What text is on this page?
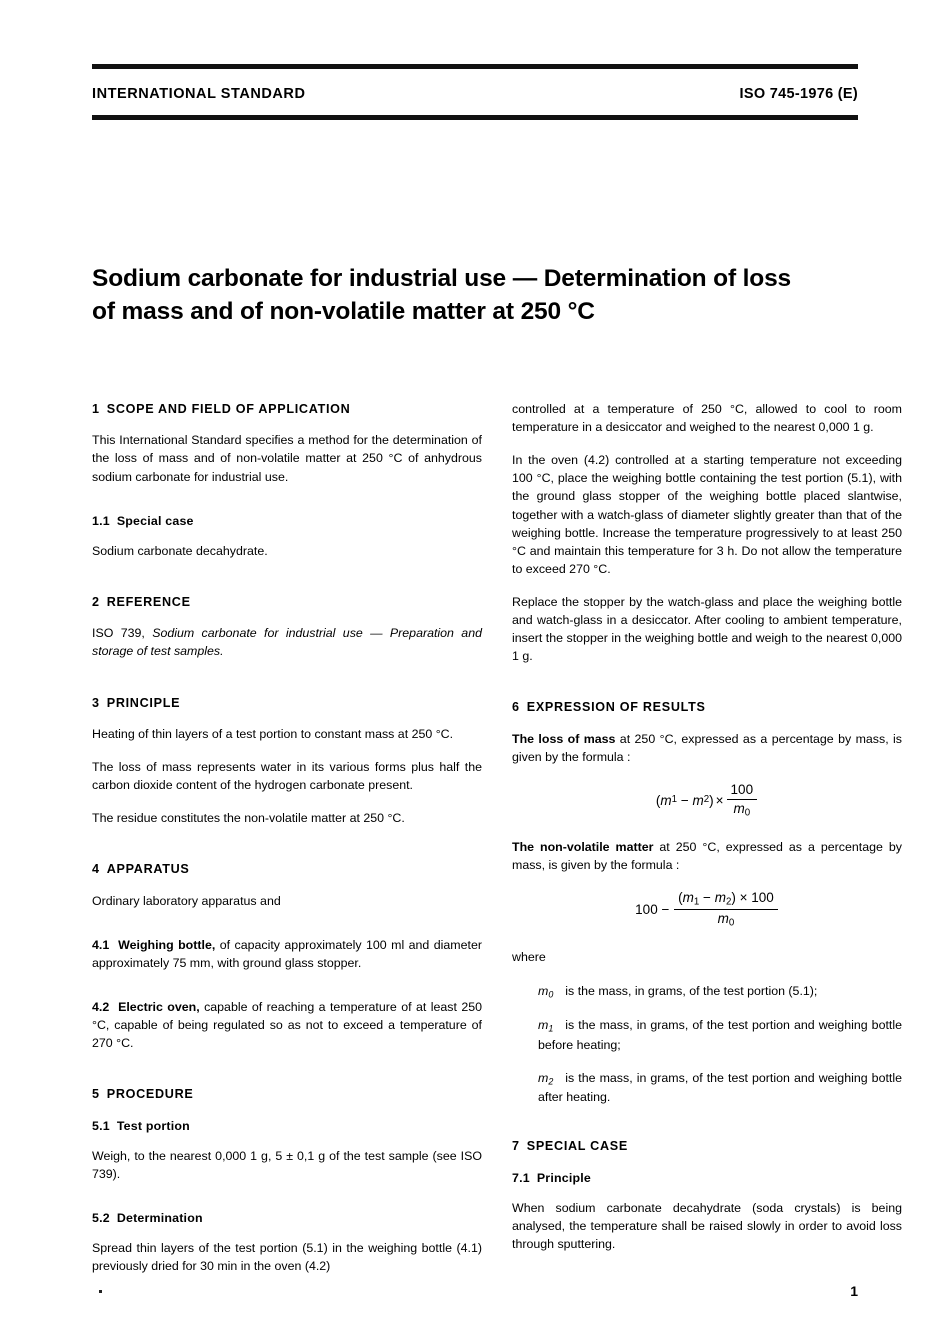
INTERNATIONAL STANDARD	ISO 745-1976 (E)
Sodium carbonate for industrial use — Determination of loss
of mass and of non-volatile matter at 250 °C
1 SCOPE AND FIELD OF APPLICATION

This International Standard specifies a method for the determination of the loss of mass and of non-volatile matter at 250 °C of anhydrous sodium carbonate for industrial use.

1.1 Special case

Sodium carbonate decahydrate.

2 REFERENCE

ISO 739, Sodium carbonate for industrial use — Preparation and storage of test samples.

3 PRINCIPLE

Heating of thin layers of a test portion to constant mass at 250 °C.

The loss of mass represents water in its various forms plus half the carbon dioxide content of the hydrogen carbonate present.

The residue constitutes the non-volatile matter at 250 °C.

4 APPARATUS

Ordinary laboratory apparatus and

4.1 Weighing bottle, of capacity approximately 100 ml and diameter approximately 75 mm, with ground glass stopper.

4.2 Electric oven, capable of reaching a temperature of at least 250 °C, capable of being regulated so as not to exceed a temperature of 270 °C.

5 PROCEDURE
5.1 Test portion

Weigh, to the nearest 0,000 1 g, 5 ± 0,1 g of the test sample (see ISO 739).

5.2 Determination

Spread thin layers of the test portion (5.1) in the weighing bottle (4.1) previously dried for 30 min in the oven (4.2)

controlled at a temperature of 250 °C, allowed to cool to room temperature in a desiccator and weighed to the nearest 0,000 1 g.

In the oven (4.2) controlled at a starting temperature not exceeding 100 °C, place the weighing bottle containing the test portion (5.1), with the ground glass stopper of the weighing bottle placed slantwise, together with a watch-glass of diameter slightly greater than that of the weighing bottle. Increase the temperature progressively to at least 250 °C and maintain this temperature for 3 h. Do not allow the temperature to exceed 270 °C.

Replace the stopper by the watch-glass and place the weighing bottle and watch-glass in a desiccator. After cooling to ambient temperature, insert the stopper in the weighing bottle and weigh to the nearest 0,000 1 g.

6 EXPRESSION OF RESULTS

The loss of mass at 250 °C, expressed as a percentage by mass, is given by the formula :

( m 1
−
m 2 ) × $\frac{100}{m_0}$

The non-volatile matter at 250 °C, expressed as a percentage by mass, is given by the formula :

100
−
$\frac{(m_1 - m_2) \times 100}{m_0}$

where

$m_0$ is the mass, in grams, of the test portion (5.1);

$m_1$ is the mass, in grams, of the test portion and weighing bottle before heating;

$m_2$ is the mass, in grams, of the test portion and weighing bottle after heating.

7 SPECIAL CASE
7.1 Principle

When sodium carbonate decahydrate (soda crystals) is being analysed, the temperature shall be raised slowly in order to avoid loss through sputtering.

1
